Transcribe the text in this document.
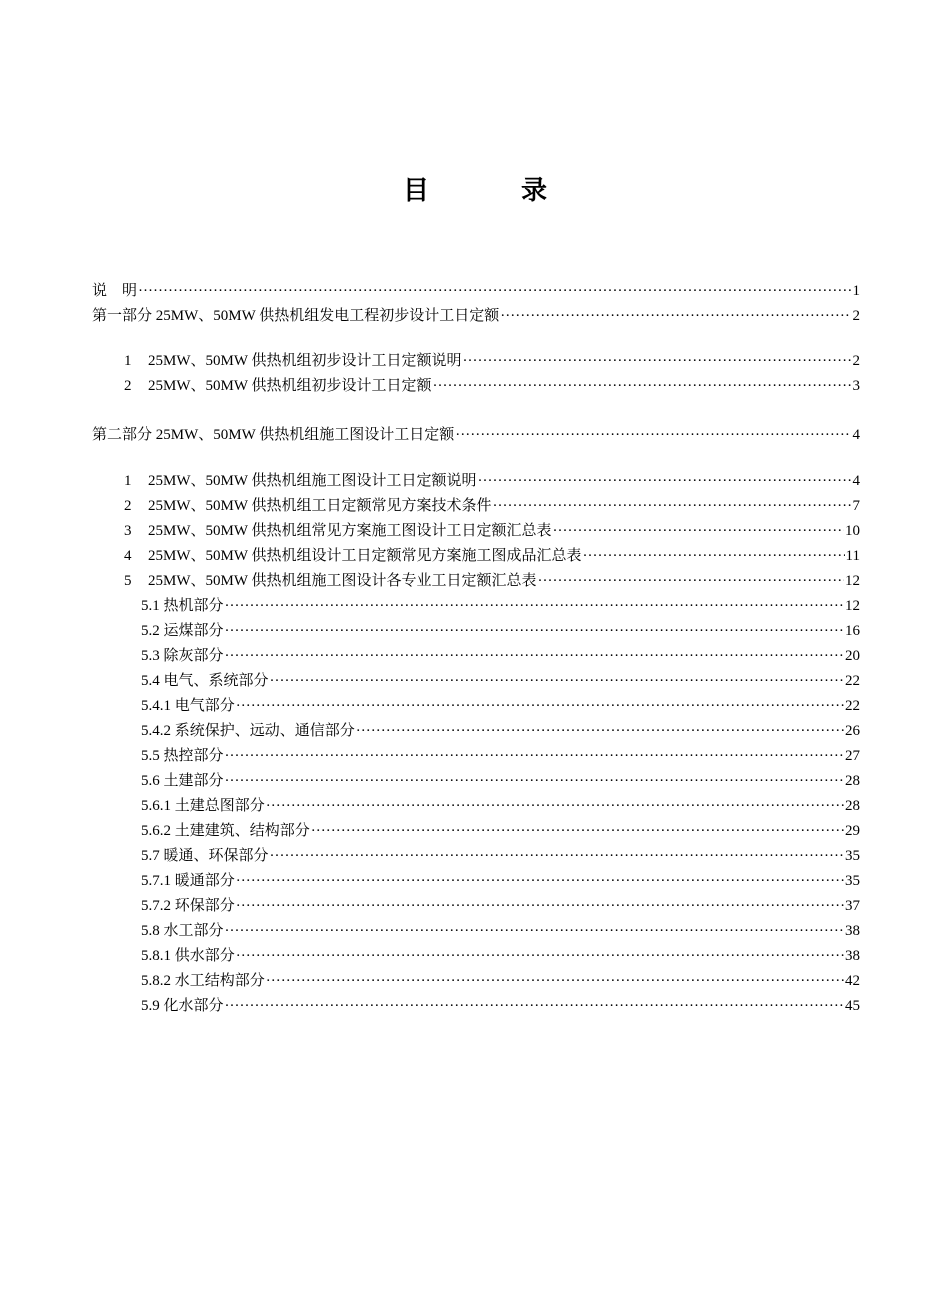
目	录
说　明 ·····	1
第一部分 25MW、50MW 供热机组发电工程初步设计工日定额 ·····	2
1	25MW、50MW 供热机组初步设计工日定额说明 ·····	2
2	25MW、50MW 供热机组初步设计工日定额 ·····	3
第二部分 25MW、50MW 供热机组施工图设计工日定额 ·····	4
1	25MW、50MW 供热机组施工图设计工日定额说明 ·····	4
2	25MW、50MW 供热机组工日定额常见方案技术条件 ·····	7
3	25MW、50MW 供热机组常见方案施工图设计工日定额汇总表 ·····	10
4	25MW、50MW 供热机组设计工日定额常见方案施工图成品汇总表 ·····	11
5	25MW、50MW 供热机组施工图设计各专业工日定额汇总表 ·····	12
5.1 热机部分 ·····	12
5.2 运煤部分 ·····	16
5.3 除灰部分 ·····	20
5.4 电气、系统部分 ·····	22
5.4.1 电气部分 ·····	22
5.4.2 系统保护、远动、通信部分 ·····	26
5.5 热控部分 ·····	27
5.6 土建部分 ·····	28
5.6.1 土建总图部分 ·····	28
5.6.2 土建建筑、结构部分 ·····	29
5.7 暖通、环保部分 ·····	35
5.7.1 暖通部分 ·····	35
5.7.2 环保部分 ·····	37
5.8 水工部分 ·····	38
5.8.1 供水部分 ·····	38
5.8.2 水工结构部分 ·····	42
5.9 化水部分 ·····	45
